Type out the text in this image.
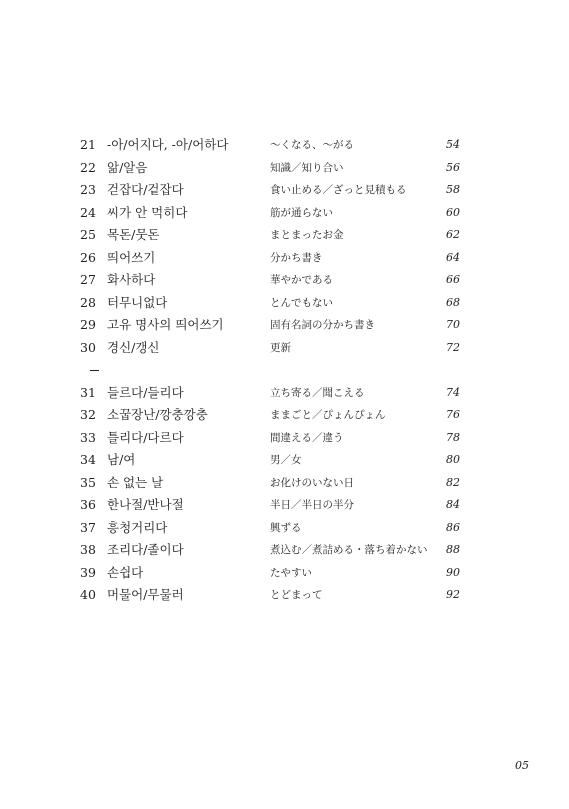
21 -아/어지다, -아/어하다	～くなる、～がる	54
22 앎/알음	知識／知り合い	56
23 걷잡다/겉잡다	食い止める／ざっと見積もる	58
24 씨가 안 먹히다	筋が通らない	60
25 목돈/뭇돈	まとまったお金	62
26 띄어쓰기	分かち書き	64
27 화사하다	華やかである	66
28 터무니없다	とんでもない	68
29 고유 명사의 띄어쓰기	固有名詞の分かち書き	70
30 경신/갱신	更新	72
31 들르다/들리다	立ち寄る／聞こえる	74
32 소꿉장난/깡충깡충	ままごと／ぴょんぴょん	76
33 틀리다/다르다	間違える／違う	78
34 남/여	男／女	80
35 손 없는 날	お化けのいない日	82
36 한나절/반나절	半日／半日の半分	84
37 흥청거리다	興ずる	86
38 조리다/졸이다	煮込む／煮詰める・落ち着かない	88
39 손쉽다	たやすい	90
40 머물어/무물러	とどまって	92
05
